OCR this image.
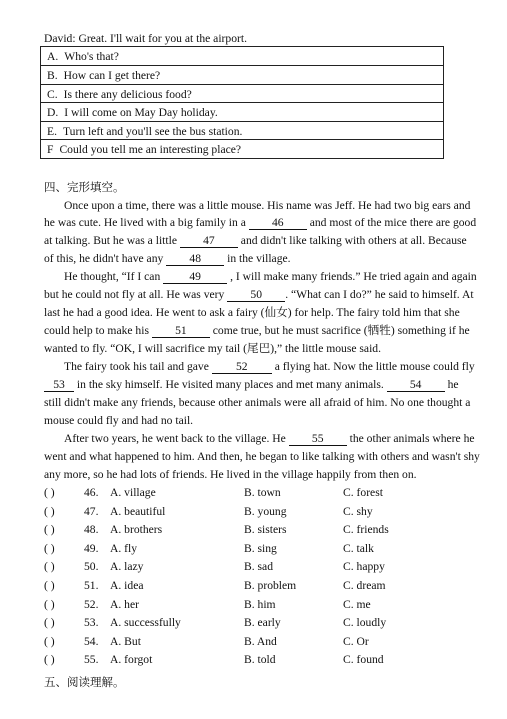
David: Great. I'll wait for you at the airport.
A. Who's that?
B. How can I get there?
C. Is there any delicious food?
D. I will come on May Day holiday.
E. Turn left and you'll see the bus station.
F Could you tell me an interesting place?
四、完形填空。
Once upon a time, there was a little mouse. His name was Jeff. He had two big ears and
he was cute. He lived with a big family in a 46 and most of the mice there are good
at talking. But he was a little 47 and didn't like talking with others at all. Because
of this, he didn't have any 48 in the village.
He thought, “If I can	49	, I will make many friends.” He tried again and again
but he could not fly at all. He was very 50 . “What can I do?” he said to himself. At
last he had a good idea. He went to ask a fairy (仙女) for help. The fairy told him that she
could help to make his 51 come true, but he must sacrifice (牺牲) something if he
wanted to fly. “OK, I will sacrifice my tail (尾巴),” the little mouse said.
The fairy took his tail and gave 52 a flying hat. Now the little mouse could fly
53 in the sky himself. He visited many places and met many animals. 54 he
still didn't make any friends, because other animals were all afraid of him. No one thought a
mouse could fly and had no tail.
After two years, he went back to the village. He 55 the other animals where he
went and what happened to him. And then, he began to like talking with others and wasn't shy
any more, so he had lots of friends. He lived in the village happily from then on.
( )	46. A. village	B. town	C. forest
( )	47. A. beautiful	B. young	C. shy
( )	48. A. brothers	B. sisters	C. friends
( )	49. A. fly	B. sing	C. talk
( )	50. A. lazy	B. sad	C. happy
( )	51. A. idea	B. problem	C. dream
( )	52. A. her	B. him	C. me
( )	53. A. successfully	B. early	C. loudly
( )	54. A. But	B. And	C. Or
( )	55. A. forgot	B. told	C. found
五、阅读理解。
